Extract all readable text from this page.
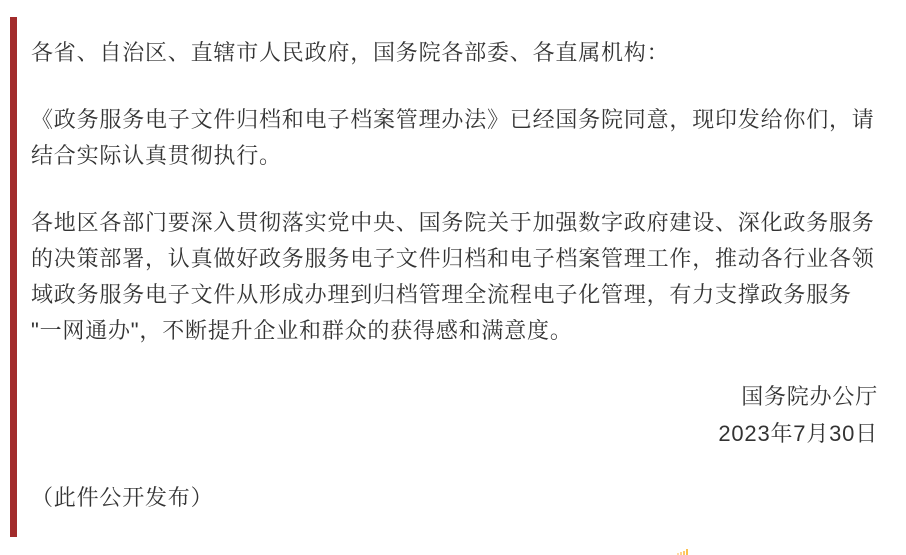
各省、自治区、直辖市人民政府，国务院各部委、各直属机构：

《政务服务电子文件归档和电子档案管理办法》已经国务院同意，现印发给你们，请
结合实际认真贯彻执行。

各地区各部门要深入贯彻落实党中央、国务院关于加强数字政府建设、深化政务服务
的决策部署，认真做好政务服务电子文件归档和电子档案管理工作，推动各行业各领
域政务服务电子文件从形成办理到归档管理全流程电子化管理，有力支撑政务服务
"一网通办"，不断提升企业和群众的获得感和满意度。

国务院办公厅
2023年7月30日

（此件公开发布）
